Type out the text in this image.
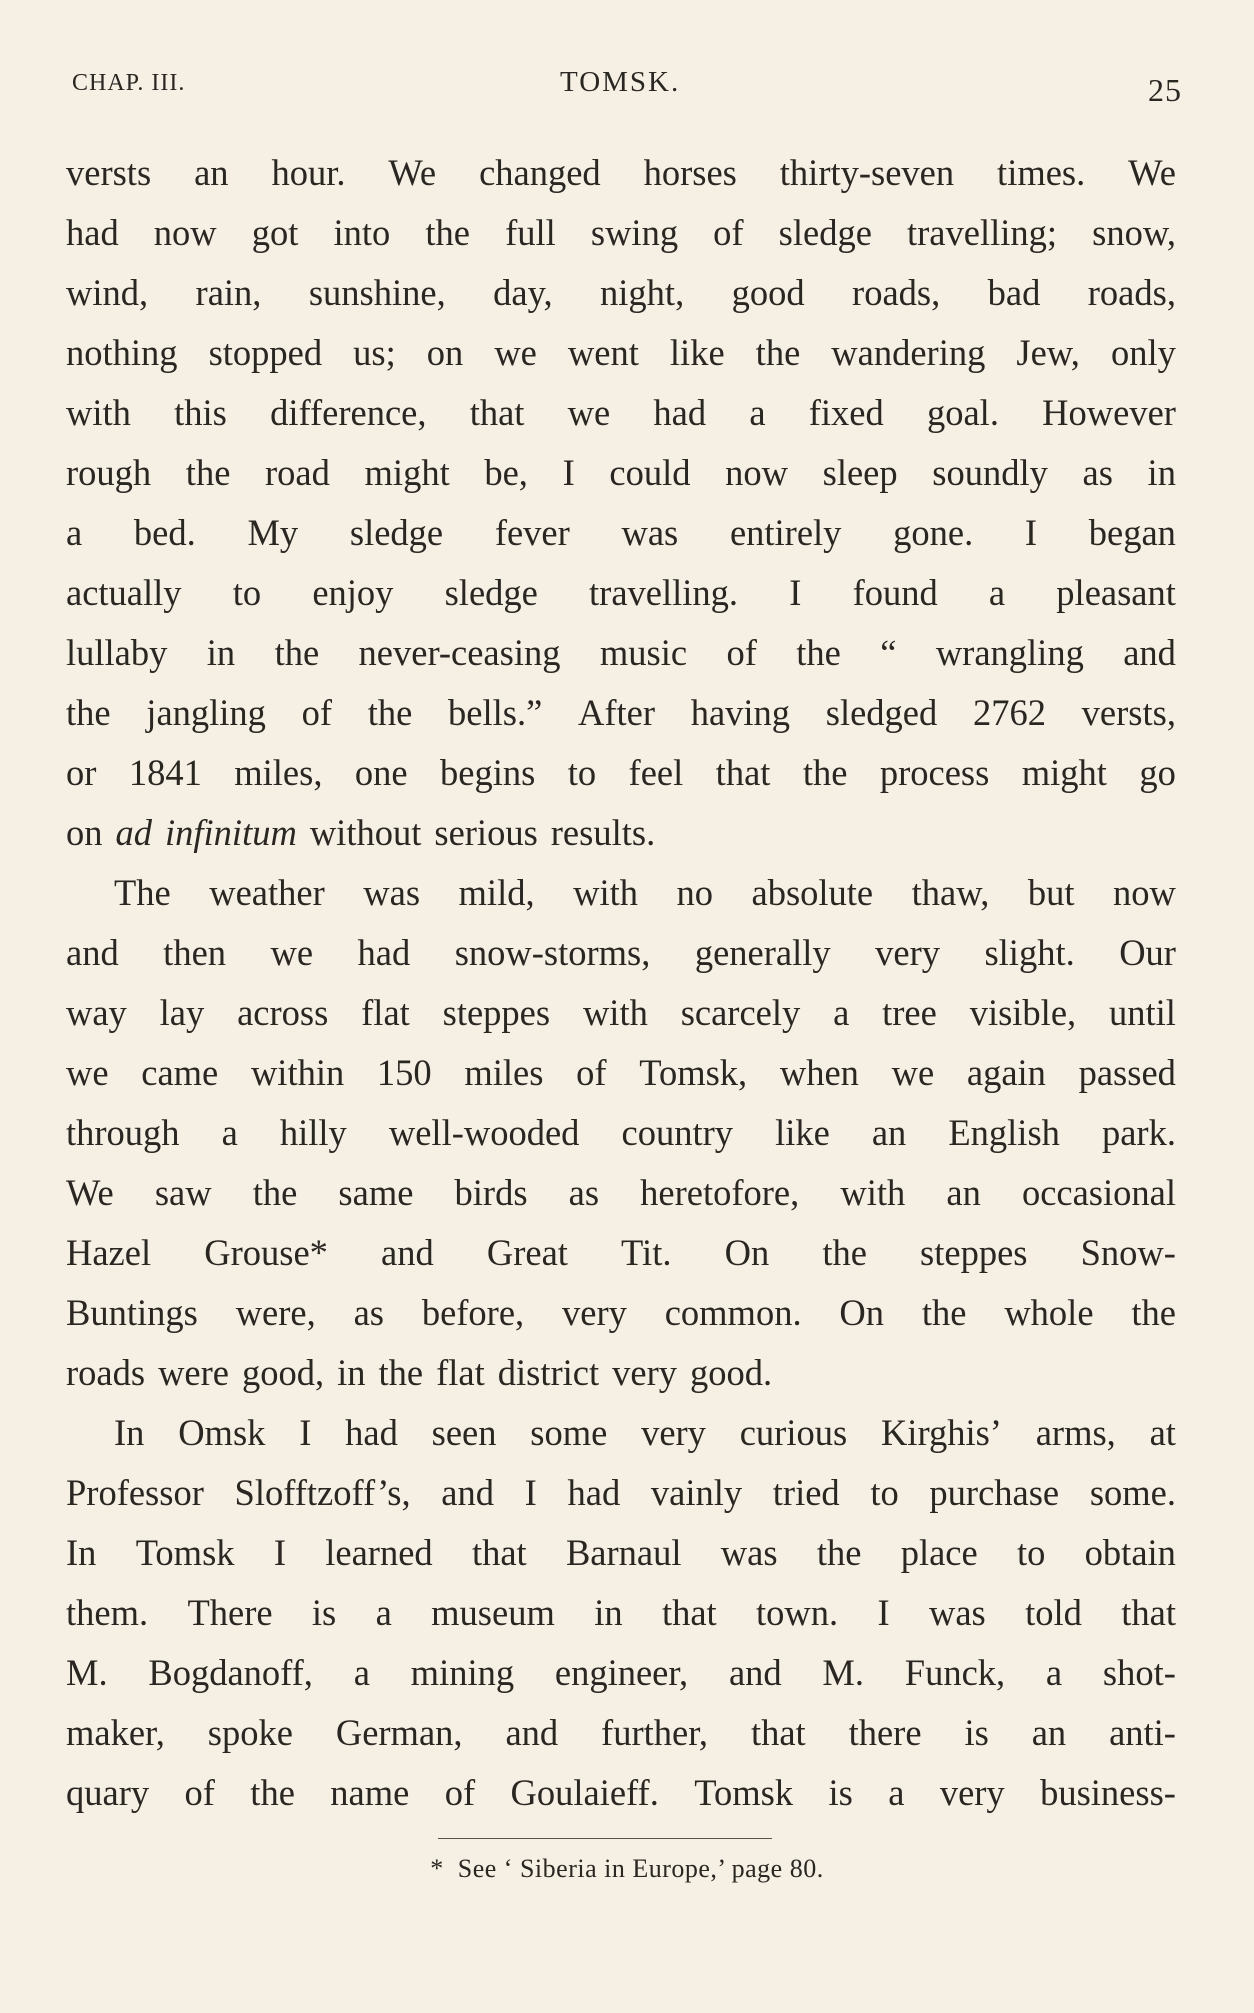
CHAP. III.	TOMSK.	25
versts an hour. We changed horses thirty-seven times. We
had now got into the full swing of sledge travelling; snow,
wind, rain, sunshine, day, night, good roads, bad roads,
nothing stopped us; on we went like the wandering Jew, only
with this difference, that we had a fixed goal. However
rough the road might be, I could now sleep soundly as in
a bed. My sledge fever was entirely gone. I began
actually to enjoy sledge travelling. I found a pleasant
lullaby in the never-ceasing music of the “ wrangling and
the jangling of the bells.” After having sledged 2762 versts,
or 1841 miles, one begins to feel that the process might go
on ad infinitum without serious results.
The weather was mild, with no absolute thaw, but now
and then we had snow-storms, generally very slight. Our
way lay across flat steppes with scarcely a tree visible, until
we came within 150 miles of Tomsk, when we again passed
through a hilly well-wooded country like an English park.
We saw the same birds as heretofore, with an occasional
Hazel Grouse* and Great Tit. On the steppes Snow-
Buntings were, as before, very common. On the whole the
roads were good, in the flat district very good.
In Omsk I had seen some very curious Kirghis’ arms, at
Professor Slofftzoff’s, and I had vainly tried to purchase some.
In Tomsk I learned that Barnaul was the place to obtain
them. There is a museum in that town. I was told that
M. Bogdanoff, a mining engineer, and M. Funck, a shot-
maker, spoke German, and further, that there is an anti-
quary of the name of Goulaieff. Tomsk is a very business-
* See ‘ Siberia in Europe,’ page 80.
